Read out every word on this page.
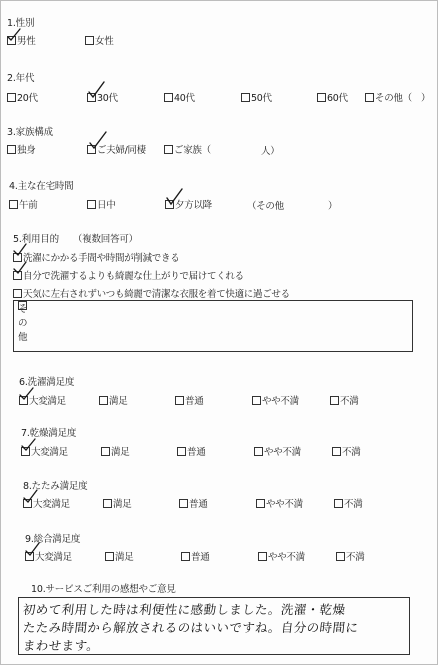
1.性別
男性	女性
2.年代
20代	30代	40代	50代	60代	その他（　）
3.家族構成
独身	ご夫婦/同棲	ご家族（	人）
4.主な在宅時間
午前	日中	夕方以降	（その他	）
5.利用目的 （複数回答可）
洗濯にかかる手間や時間が削減できる
自分で洗濯するよりも綺麗な仕上がりで届けてくれる
天気に左右されずいつも綺麗で清潔な衣服を着て快適に過ごせる
その他
6.洗濯満足度
大変満足	満足	普通	やや不満	不満
7.乾燥満足度
大変満足	満足	普通	やや不満	不満
8.たたみ満足度
大変満足	満足	普通	やや不満	不満
9.総合満足度
大変満足	満足	普通	やや不満	不満
10.サービスご利用の感想やご意見
初めて利用した時は利便性に感動しました。洗濯・乾燥
たたみ時間から解放されるのはいいですね。自分の時間に
まわせます。
